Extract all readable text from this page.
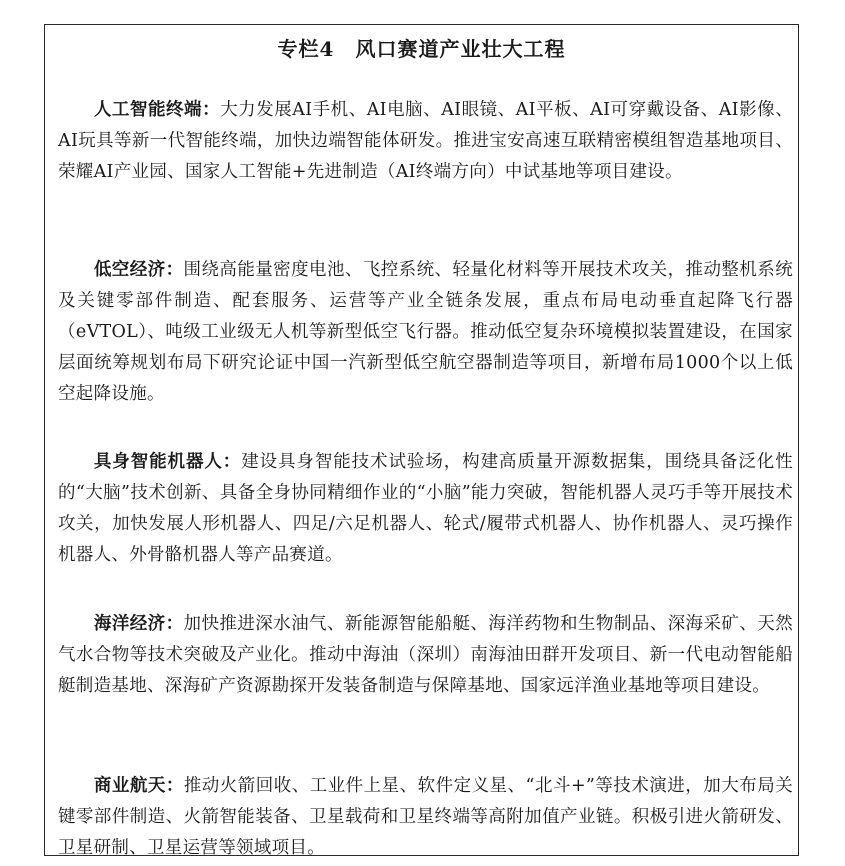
专栏4　风口赛道产业壮大工程

人工智能终端：大力发展AI手机、AI电脑、AI眼镜、AI平板、AI可穿戴设备、AI影像、AI玩具等新一代智能终端，加快边端智能体研发。推进宝安高速互联精密模组智造基地项目、荣耀AI产业园、国家人工智能+先进制造（AI终端方向）中试基地等项目建设。

低空经济：围绕高能量密度电池、飞控系统、轻量化材料等开展技术攻关，推动整机系统及关键零部件制造、配套服务、运营等产业全链条发展，重点布局电动垂直起降飞行器（eVTOL）、吨级工业级无人机等新型低空飞行器。推动低空复杂环境模拟装置建设，在国家层面统筹规划布局下研究论证中国一汽新型低空航空器制造等项目，新增布局1000个以上低空起降设施。

具身智能机器人：建设具身智能技术试验场，构建高质量开源数据集，围绕具备泛化性的“大脑”技术创新、具备全身协同精细作业的“小脑”能力突破，智能机器人灵巧手等开展技术攻关，加快发展人形机器人、四足/六足机器人、轮式/履带式机器人、协作机器人、灵巧操作机器人、外骨骼机器人等产品赛道。

海洋经济：加快推进深水油气、新能源智能船艇、海洋药物和生物制品、深海采矿、天然气水合物等技术突破及产业化。推动中海油（深圳）南海油田群开发项目、新一代电动智能船艇制造基地、深海矿产资源勘探开发装备制造与保障基地、国家远洋渔业基地等项目建设。

商业航天：推动火箭回收、工业件上星、软件定义星、“北斗+”等技术演进，加大布局关键零部件制造、火箭智能装备、卫星载荷和卫星终端等高附加值产业链。积极引进火箭研发、卫星研制、卫星运营等领域项目。
